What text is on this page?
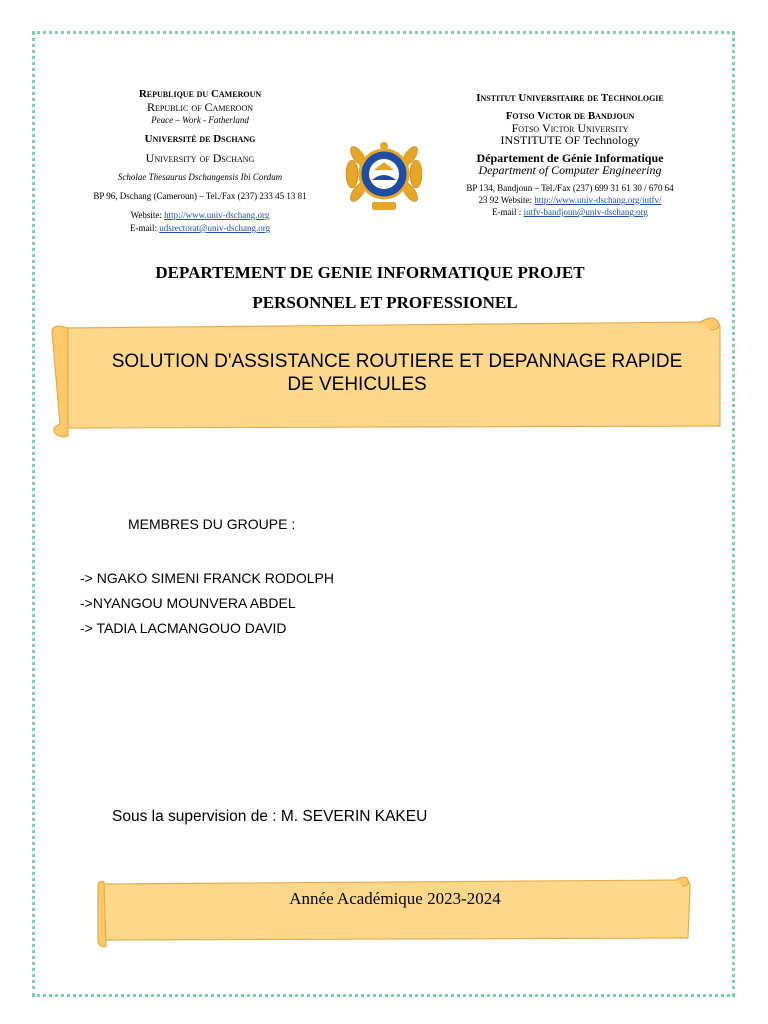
Republique du Cameroun
Republic of Cameroon
Peace – Work - Fatherland
Université de Dschang
University of Dschang
Scholae Thesaurus Dschangensis Ibi Cordum
BP 96, Dschang (Cameroun) – Tel./Fax (237) 233 45 13 81
Website: http://www.univ-dschang.org
E-mail: udsrectorat@univ-dschang.org
Institut Universitaire de Technologie
Fotso Victor de Bandjoun
Fotso Victor University
INSTITUTE OF Technology
Département de Génie Informatique
Department of Computer Engineering
BP 134, Bandjoun – Tel./Fax (237) 699 31 61 30 / 670 64
23 92 Website: http://www.univ-dschang.org/iutfv/
E-mail : iutfv-bandjoun@univ-dschang.org
DEPARTEMENT DE GENIE INFORMATIQUE PROJET
PERSONNEL ET PROFESSIONEL
SOLUTION D'ASSISTANCE ROUTIERE ET DEPANNAGE RAPIDE
DE VEHICULES
MEMBRES DU GROUPE :
-> NGAKO SIMENI FRANCK RODOLPH
->NYANGOU MOUNVERA ABDEL
-> TADIA LACMANGOUO DAVID
Sous la supervision de : M. SEVERIN KAKEU
Année Académique 2023-2024
